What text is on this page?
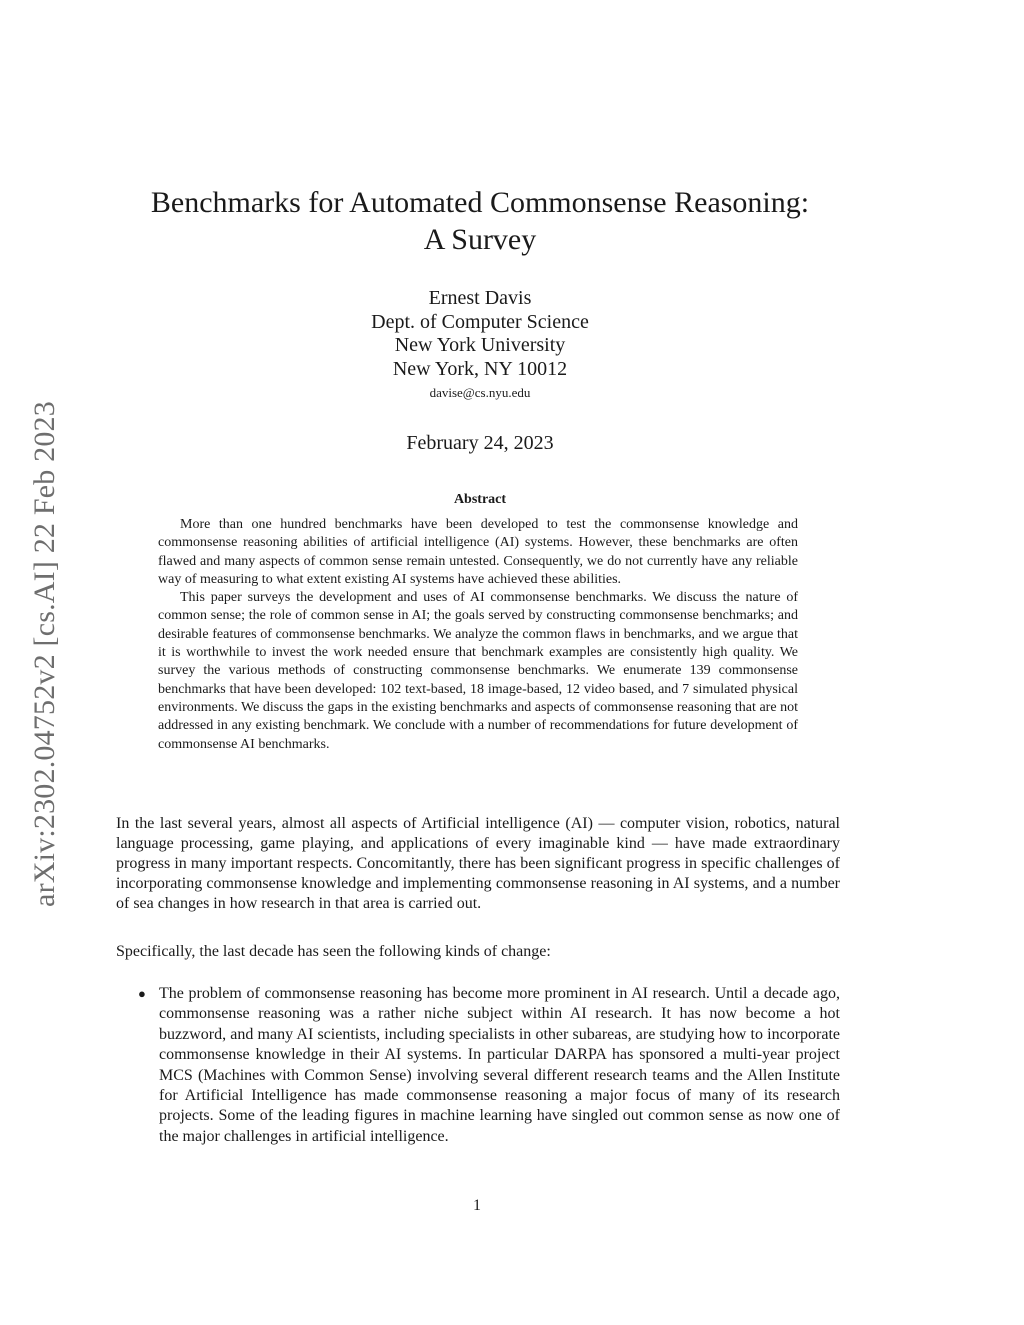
arXiv:2302.04752v2 [cs.AI] 22 Feb 2023
Benchmarks for Automated Commonsense Reasoning:
A Survey
Ernest Davis
Dept. of Computer Science
New York University
New York, NY 10012
davise@cs.nyu.edu
February 24, 2023
Abstract

More than one hundred benchmarks have been developed to test the commonsense knowledge and commonsense reasoning abilities of artificial intelligence (AI) systems. However, these benchmarks are often flawed and many aspects of common sense remain untested. Consequently, we do not currently have any reliable way of measuring to what extent existing AI systems have achieved these abilities.

This paper surveys the development and uses of AI commonsense benchmarks. We discuss the nature of common sense; the role of common sense in AI; the goals served by constructing commonsense benchmarks; and desirable features of commonsense benchmarks. We analyze the common flaws in benchmarks, and we argue that it is worthwhile to invest the work needed ensure that benchmark examples are consistently high quality. We survey the various methods of constructing commonsense benchmarks. We enumerate 139 commonsense benchmarks that have been developed: 102 text-based, 18 image-based, 12 video based, and 7 simulated physical environments. We discuss the gaps in the existing benchmarks and aspects of commonsense reasoning that are not addressed in any existing benchmark. We conclude with a number of recommendations for future development of commonsense AI benchmarks.

In the last several years, almost all aspects of Artificial intelligence (AI) — computer vision, robotics, natural language processing, game playing, and applications of every imaginable kind — have made extraordinary progress in many important respects. Concomitantly, there has been significant progress in specific challenges of incorporating commonsense knowledge and implementing commonsense reasoning in AI systems, and a number of sea changes in how research in that area is carried out.

Specifically, the last decade has seen the following kinds of change:

● The problem of commonsense reasoning has become more prominent in AI research. Until a decade ago, commonsense reasoning was a rather niche subject within AI research. It has now become a hot buzzword, and many AI scientists, including specialists in other subareas, are studying how to incorporate commonsense knowledge in their AI systems. In particular DARPA has sponsored a multi-year project MCS (Machines with Common Sense) involving several different research teams and the Allen Institute for Artificial Intelligence has made commonsense reasoning a major focus of many of its research projects. Some of the leading figures in machine learning have singled out common sense as now one of the major challenges in artificial intelligence.
1
